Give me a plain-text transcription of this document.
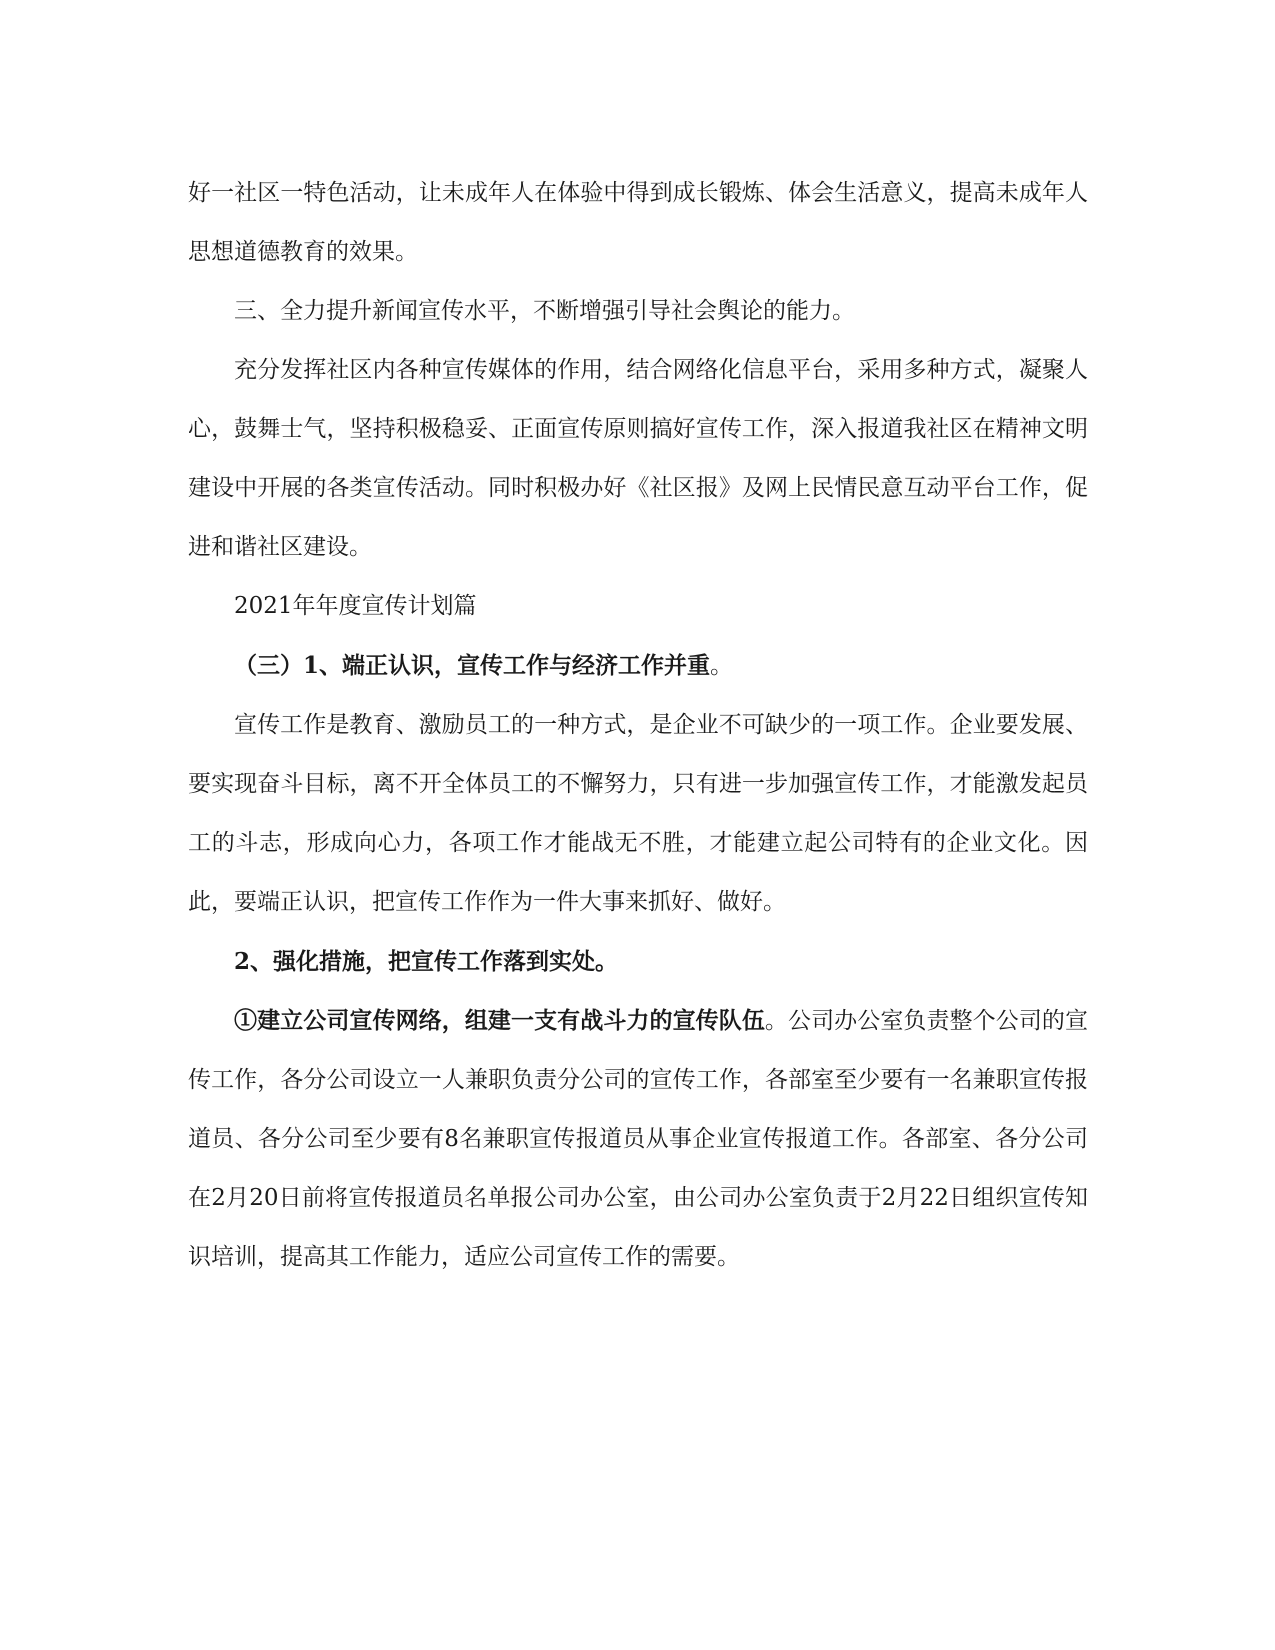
好一社区一特色活动，让未成年人在体验中得到成长锻炼、体会生活意义，提高未成年人思想道德教育的效果。

三、全力提升新闻宣传水平，不断增强引导社会舆论的能力。

充分发挥社区内各种宣传媒体的作用，结合网络化信息平台，采用多种方式，凝聚人心，鼓舞士气，坚持积极稳妥、正面宣传原则搞好宣传工作，深入报道我社区在精神文明建设中开展的各类宣传活动。同时积极办好《社区报》及网上民情民意互动平台工作，促进和谐社区建设。

2021年年度宣传计划篇

（三）1、端正认识，宣传工作与经济工作并重。

宣传工作是教育、激励员工的一种方式，是企业不可缺少的一项工作。企业要发展、要实现奋斗目标，离不开全体员工的不懈努力，只有进一步加强宣传工作，才能激发起员工的斗志，形成向心力，各项工作才能战无不胜，才能建立起公司特有的企业文化。因此，要端正认识，把宣传工作作为一件大事来抓好、做好。

2、强化措施，把宣传工作落到实处。

①建立公司宣传网络，组建一支有战斗力的宣传队伍。公司办公室负责整个公司的宣传工作，各分公司设立一人兼职负责分公司的宣传工作，各部室至少要有一名兼职宣传报道员、各分公司至少要有8名兼职宣传报道员从事企业宣传报道工作。各部室、各分公司在2月20日前将宣传报道员名单报公司办公室，由公司办公室负责于2月22日组织宣传知识培训，提高其工作能力，适应公司宣传工作的需要。
